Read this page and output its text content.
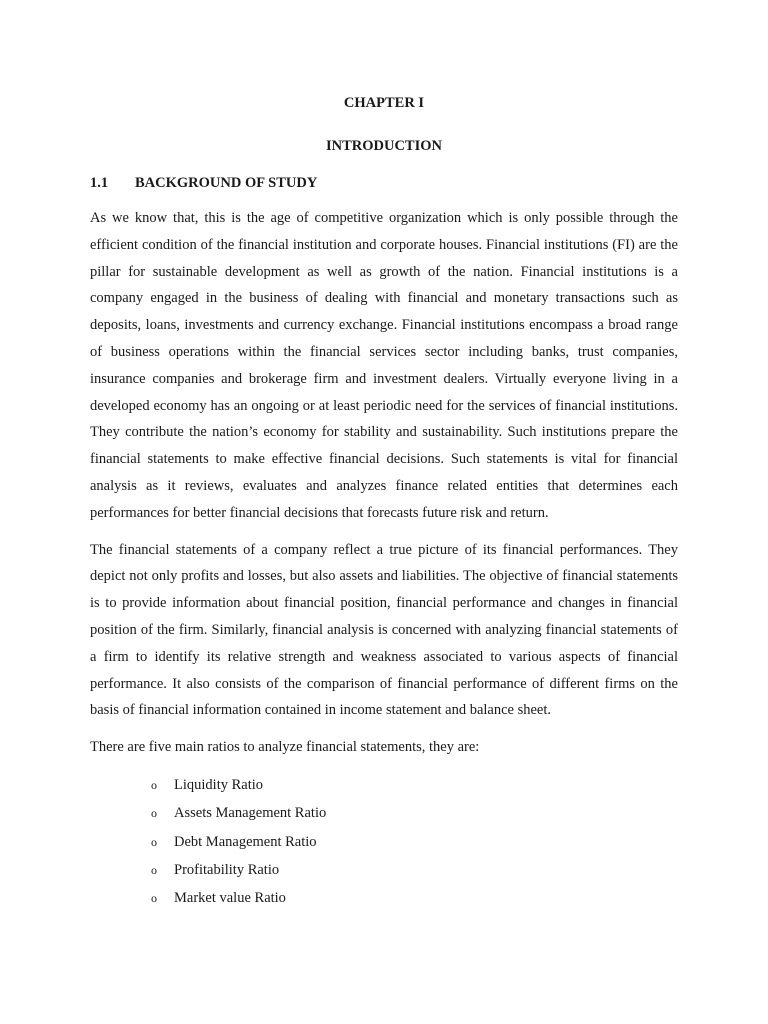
CHAPTER I
INTRODUCTION
1.1	BACKGROUND OF STUDY

As we know that, this is the age of competitive organization which is only possible through the efficient condition of the financial institution and corporate houses. Financial institutions (FI) are the pillar for sustainable development as well as growth of the nation. Financial institutions is a company engaged in the business of dealing with financial and monetary transactions such as deposits, loans, investments and currency exchange. Financial institutions encompass a broad range of business operations within the financial services sector including banks, trust companies, insurance companies and brokerage firm and investment dealers. Virtually everyone living in a developed economy has an ongoing or at least periodic need for the services of financial institutions. They contribute the nation’s economy for stability and sustainability. Such institutions prepare the financial statements to make effective financial decisions. Such statements is vital for financial analysis as it reviews, evaluates and analyzes finance related entities that determines each performances for better financial decisions that forecasts future risk and return.

The financial statements of a company reflect a true picture of its financial performances. They depict not only profits and losses, but also assets and liabilities. The objective of financial statements is to provide information about financial position, financial performance and changes in financial position of the firm. Similarly, financial analysis is concerned with analyzing financial statements of a firm to identify its relative strength and weakness associated to various aspects of financial performance. It also consists of the comparison of financial performance of different firms on the basis of financial information contained in income statement and balance sheet.

There are five main ratios to analyze financial statements, they are:

o	Liquidity Ratio
o	Assets Management Ratio
o	Debt Management Ratio
o	Profitability Ratio
o	Market value Ratio
